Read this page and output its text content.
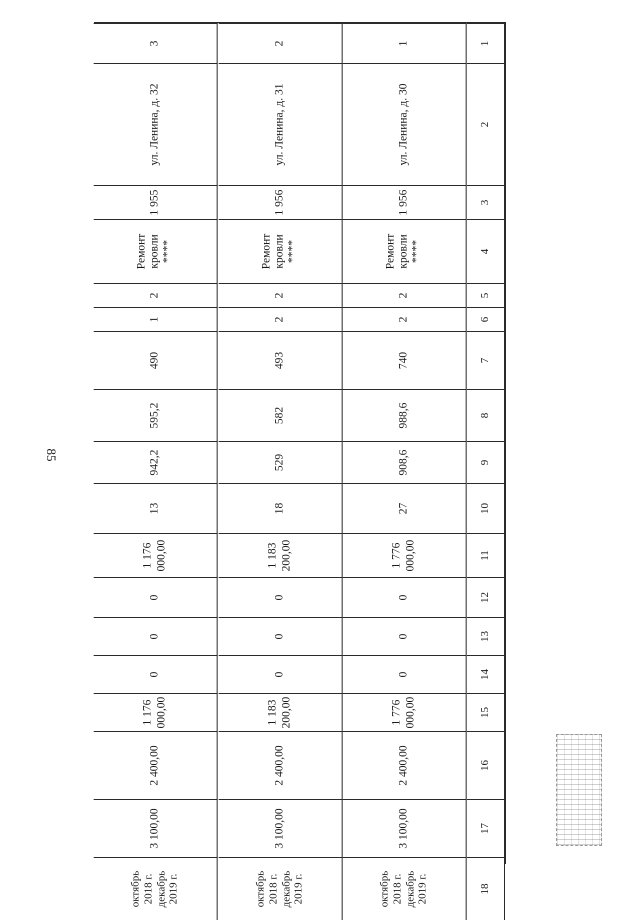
85
1
2
3
4
5
6
7
8
9
10
11
12
13
14
15
16
17
18
1
ул. Ленина, д. 30
1 956
Ремонт кровли ****
2
2
740
988,6
908,6
27
1 776 000,00
0
0
0
1 776 000,00
2 400,00
3 100,00
октябрь 2018 г.
декабрь 2019 г.
2
ул. Ленина, д. 31
1 956
Ремонт кровли ****
2
2
493
582
529
18
1 183 200,00
0
0
0
1 183 200,00
2 400,00
3 100,00
октябрь 2018 г.
декабрь 2019 г.
3
ул. Ленина, д. 32
1 955
Ремонт кровли ****
2
1
490
595,2
942,2
13
1 176 000,00
0
0
0
1 176 000,00
2 400,00
3 100,00
октябрь 2018 г.
декабрь 2019 г.
